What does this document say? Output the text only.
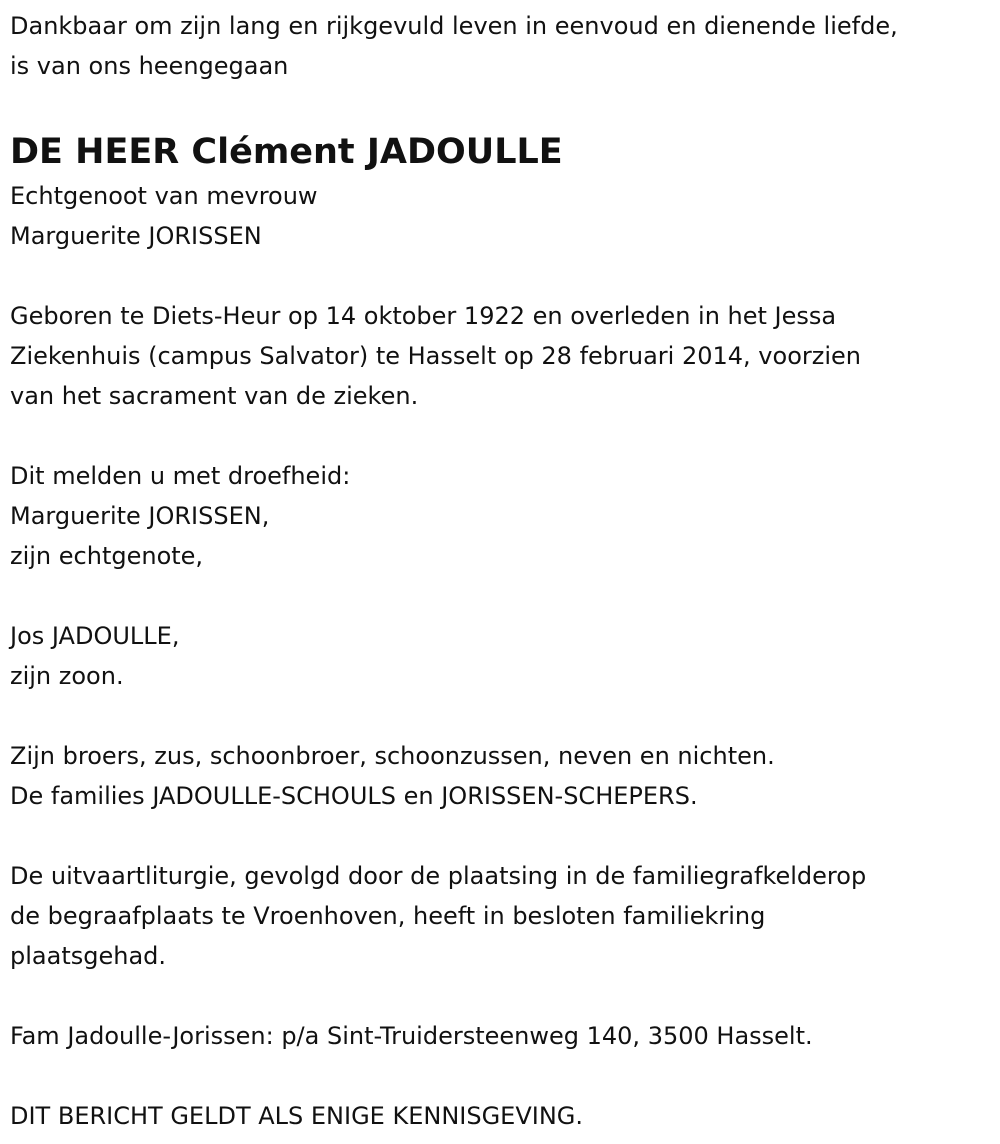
Dankbaar om zijn lang en rijkgevuld leven in eenvoud en dienende liefde,
is van ons heengegaan
DE HEER Clément JADOULLE
Echtgenoot van mevrouw
Marguerite JORISSEN
Geboren te Diets-Heur op 14 oktober 1922 en overleden in het Jessa
Ziekenhuis (campus Salvator) te Hasselt op 28 februari 2014, voorzien
van het sacrament van de zieken.
Dit melden u met droefheid:
Marguerite JORISSEN,
zijn echtgenote,
Jos JADOULLE,
zijn zoon.
Zijn broers, zus, schoonbroer, schoonzussen, neven en nichten.
De families JADOULLE-SCHOULS en JORISSEN-SCHEPERS.
De uitvaartliturgie, gevolgd door de plaatsing in de familiegrafkelderop
de begraafplaats te Vroenhoven, heeft in besloten familiekring
plaatsgehad.
Fam Jadoulle-Jorissen: p/a Sint-Truidersteenweg 140, 3500 Hasselt.
DIT BERICHT GELDT ALS ENIGE KENNISGEVING.
